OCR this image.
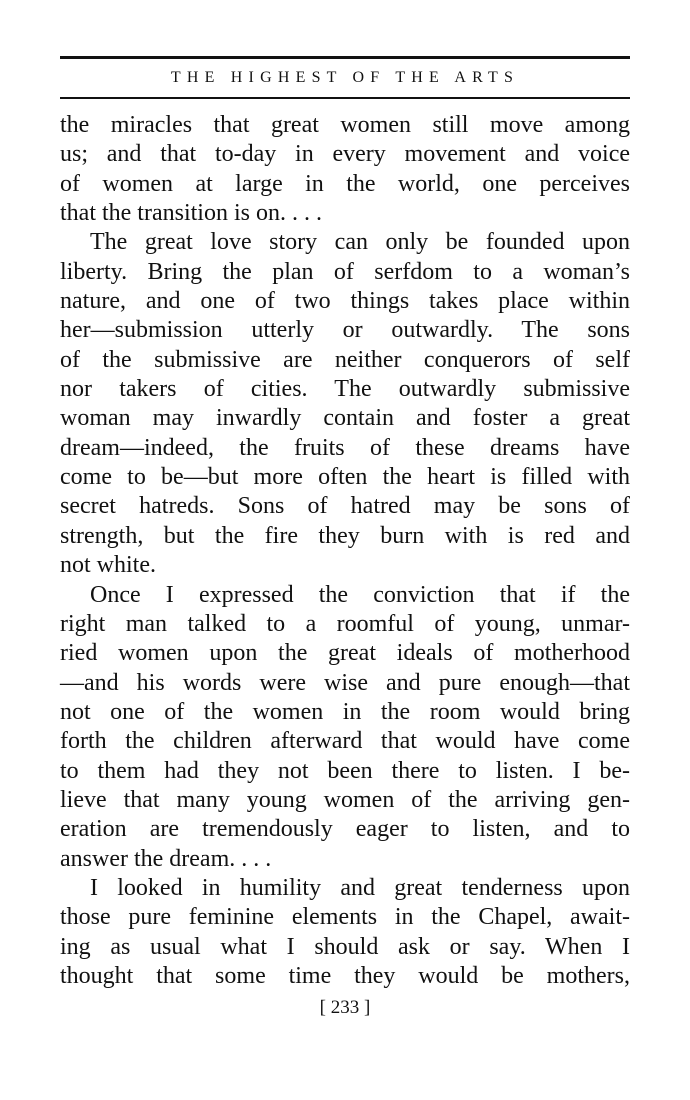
THE HIGHEST OF THE ARTS
the miracles that great women still move among
us; and that to-day in every movement and voice
of women at large in the world, one perceives
that the transition is on. . . .
The great love story can only be founded upon
liberty. Bring the plan of serfdom to a woman’s
nature, and one of two things takes place within
her—submission utterly or outwardly. The sons
of the submissive are neither conquerors of self
nor takers of cities. The outwardly submissive
woman may inwardly contain and foster a great
dream—indeed, the fruits of these dreams have
come to be—but more often the heart is filled with
secret hatreds. Sons of hatred may be sons of
strength, but the fire they burn with is red and
not white.
Once I expressed the conviction that if the
right man talked to a roomful of young, unmar-
ried women upon the great ideals of motherhood
—and his words were wise and pure enough—that
not one of the women in the room would bring
forth the children afterward that would have come
to them had they not been there to listen. I be-
lieve that many young women of the arriving gen-
eration are tremendously eager to listen, and to
answer the dream. . . .
I looked in humility and great tenderness upon
those pure feminine elements in the Chapel, await-
ing as usual what I should ask or say. When I
thought that some time they would be mothers,
[ 233 ]
